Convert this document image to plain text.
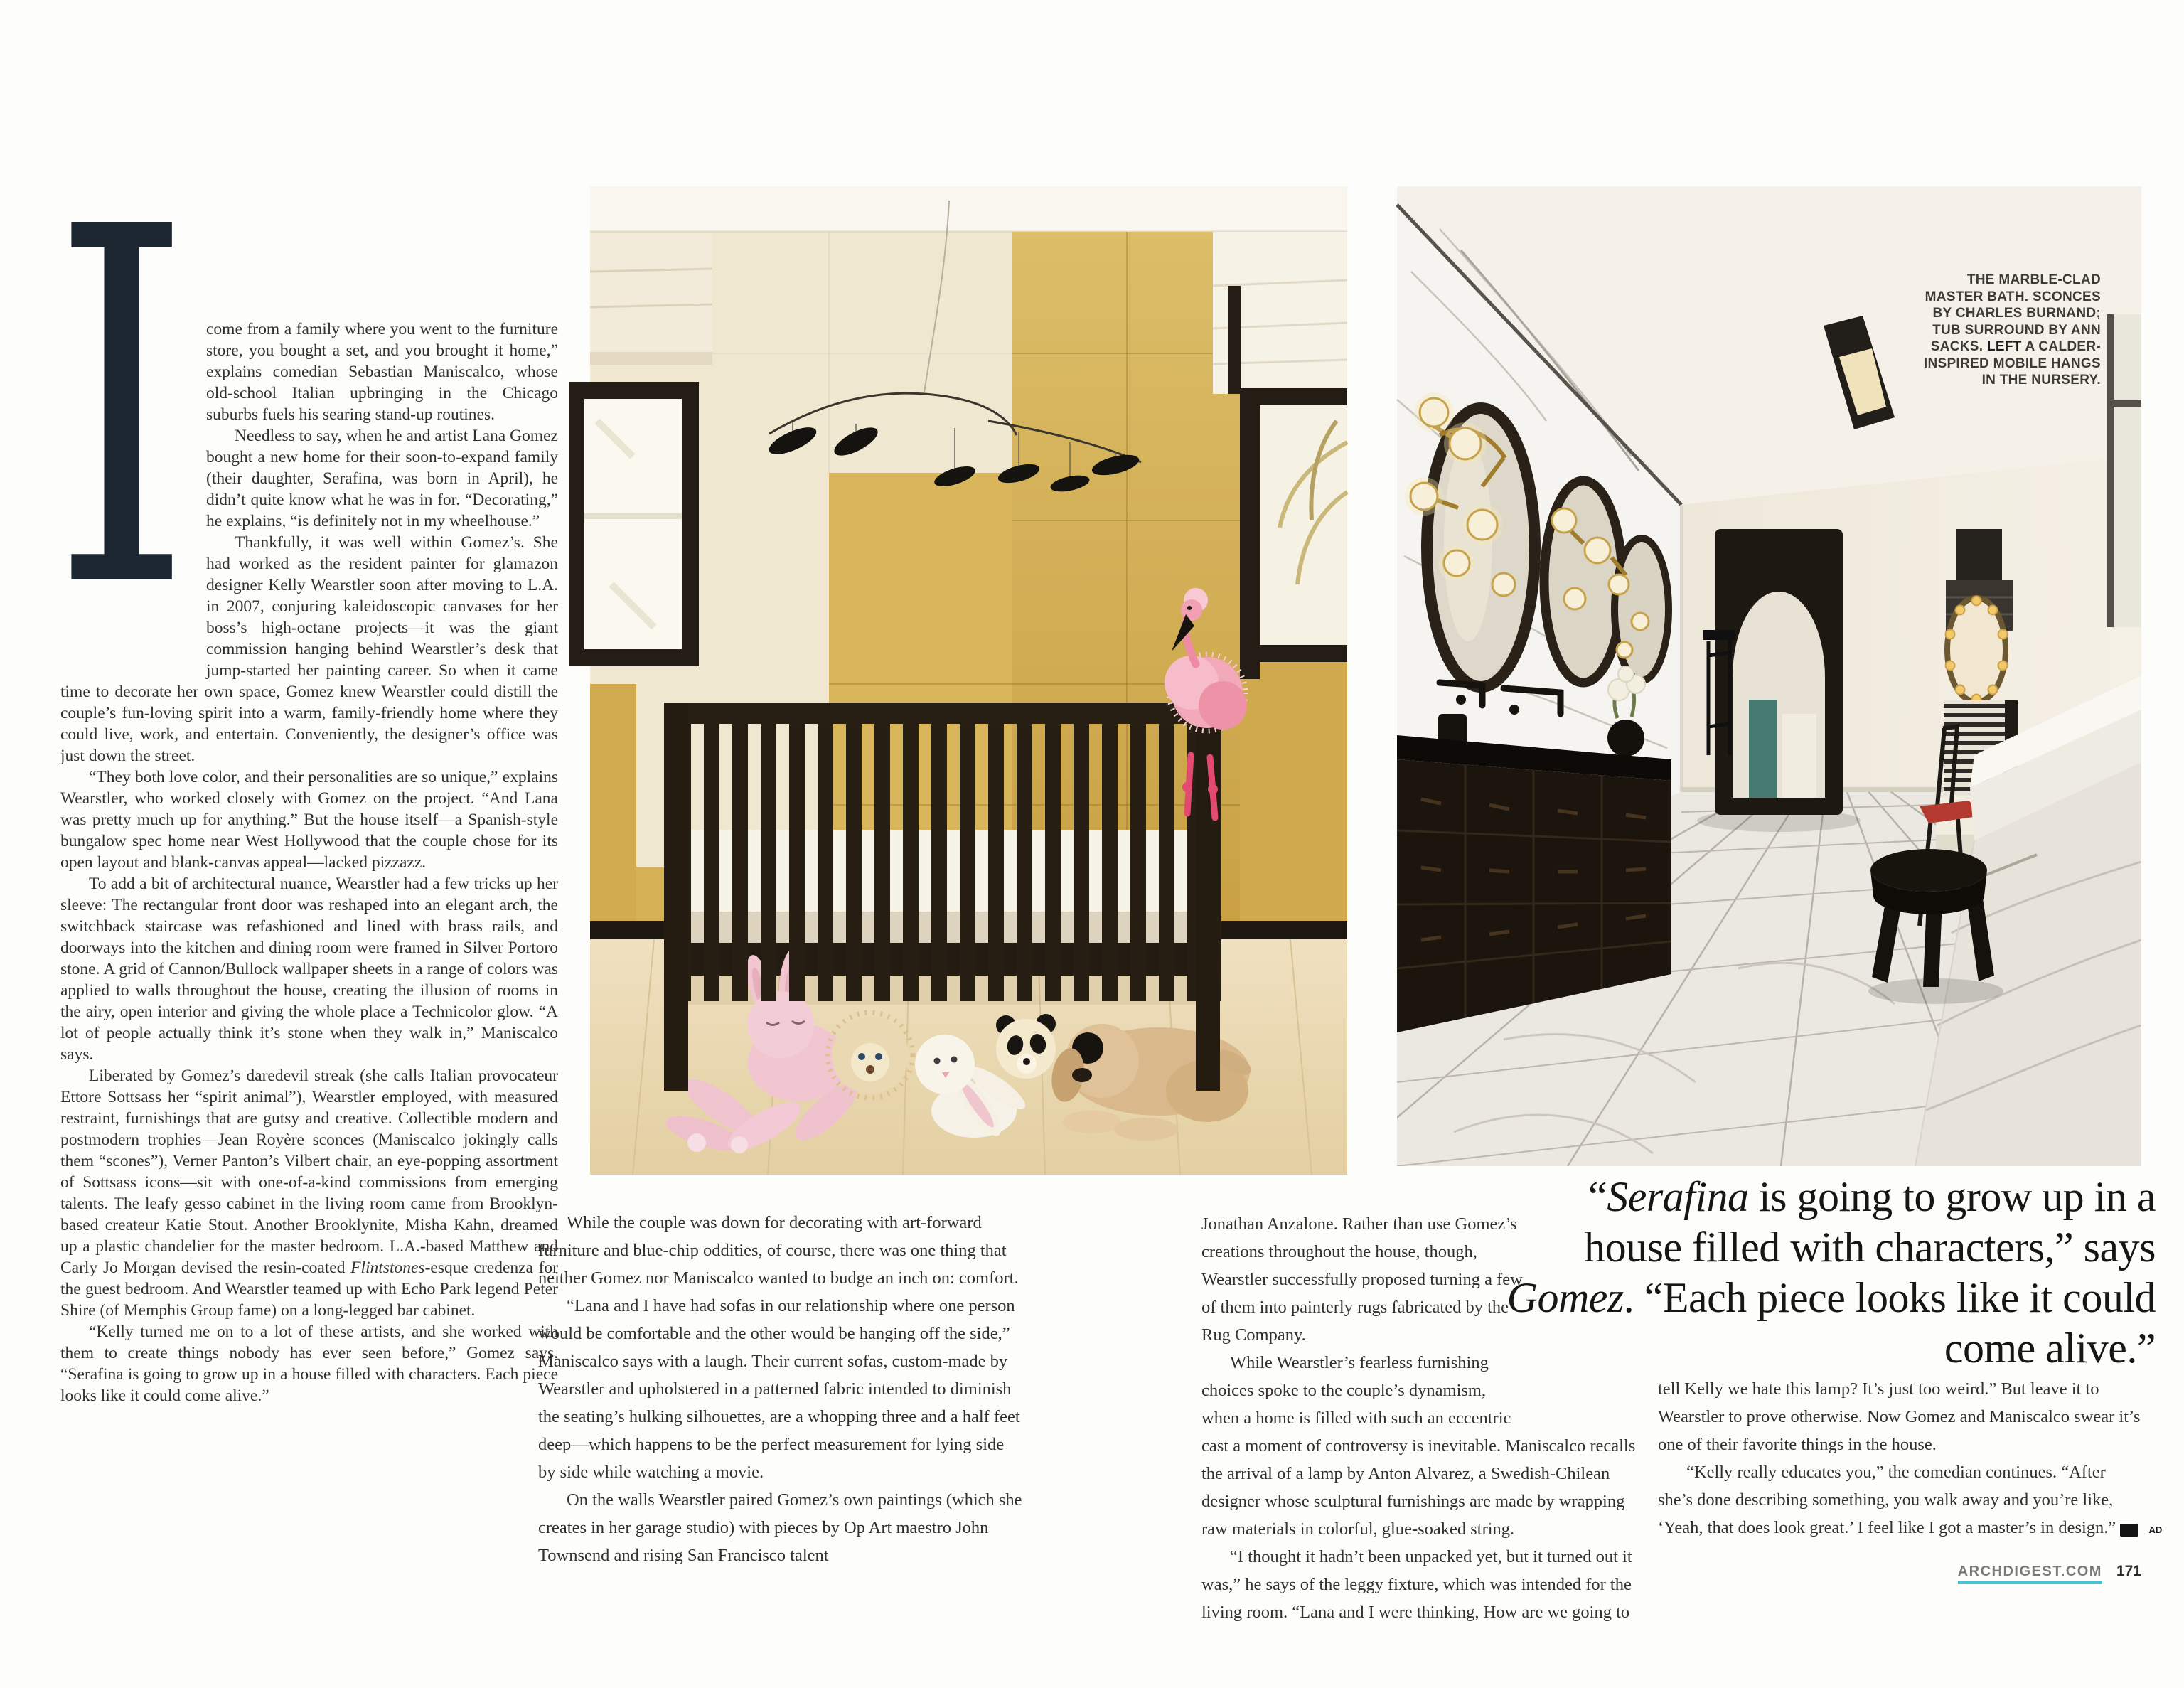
THE MARBLE-CLAD MASTER BATH. SCONCES BY CHARLES BURNAND; TUB SURROUND BY ANN SACKS. LEFT A CALDER-INSPIRED MOBILE HANGS IN THE NURSERY.
I come from a family where you went to the furniture store, you bought a set, and you brought it home,” explains comedian Sebastian Maniscalco, whose old-school Italian upbringing in the Chicago suburbs fuels his searing stand-up routines.

Needless to say, when he and artist Lana Gomez bought a new home for their soon-to-expand family (their daughter, Serafina, was born in April), he didn’t quite know what he was in for. “Decorating,” he explains, “is definitely not in my wheelhouse.”

Thankfully, it was well within Gomez’s. She had worked as the resident painter for glamazon designer Kelly Wearstler soon after moving to L.A. in 2007, conjuring kaleidoscopic canvases for her boss’s high-octane projects—it was the giant commission hanging behind Wearstler’s desk that jump-started her painting career. So when it came time to decorate her own space, Gomez knew Wearstler could distill the couple’s fun-loving spirit into a warm, family-friendly home where they could live, work, and entertain. Conveniently, the designer’s office was just down the street.

“They both love color, and their personalities are so unique,” explains Wearstler, who worked closely with Gomez on the project. “And Lana was pretty much up for anything.” But the house itself—a Spanish-style bungalow spec home near West Hollywood that the couple chose for its open layout and blank-canvas appeal—lacked pizzazz.

To add a bit of architectural nuance, Wearstler had a few tricks up her sleeve: The rectangular front door was reshaped into an elegant arch, the switchback staircase was refashioned and lined with brass rails, and doorways into the kitchen and dining room were framed in Silver Portoro stone. A grid of Cannon/Bullock wallpaper sheets in a range of colors was applied to walls throughout the house, creating the illusion of rooms in the airy, open interior and giving the whole place a Technicolor glow. “A lot of people actually think it’s stone when they walk in,” Maniscalco says.

Liberated by Gomez’s daredevil streak (she calls Italian provocateur Ettore Sottsass her “spirit animal”), Wearstler employed, with measured restraint, furnishings that are gutsy and creative. Collectible modern and postmodern trophies—Jean Royère sconces (Maniscalco jokingly calls them “scones”), Verner Panton’s Vilbert chair, an eye-popping assortment of Sottsass icons—sit with one-of-a-kind commissions from emerging talents. The leafy gesso cabinet in the living room came from Brooklyn-based createur Katie Stout. Another Brooklynite, Misha Kahn, dreamed up a plastic chandelier for the master bedroom. L.A.-based Matthew and Carly Jo Morgan devised the resin-coated Flintstones-esque credenza for the guest bedroom. And Wearstler teamed up with Echo Park legend Peter Shire (of Memphis Group fame) on a long-legged bar cabinet.

“Kelly turned me on to a lot of these artists, and she worked with them to create things nobody has ever seen before,” Gomez says. “Serafina is going to grow up in a house filled with characters. Each piece looks like it could come alive.”

While the couple was down for decorating with art-forward furniture and blue-chip oddities, of course, there was one thing that neither Gomez nor Maniscalco wanted to budge an inch on: comfort.

“Lana and I have had sofas in our relationship where one person would be comfortable and the other would be hanging off the side,” Maniscalco says with a laugh. Their current sofas, custom-made by Wearstler and upholstered in a patterned fabric intended to diminish the seating’s hulking silhouettes, are a whopping three and a half feet deep—which happens to be the perfect measurement for lying side by side while watching a movie.

On the walls Wearstler paired Gomez’s own paintings (which she creates in her garage studio) with pieces by Op Art maestro John Townsend and rising San Francisco talent

Jonathan Anzalone. Rather than use Gomez’s creations throughout the house, though, Wearstler successfully proposed turning a few of them into painterly rugs fabricated by the Rug Company.

While Wearstler’s fearless furnishing choices spoke to the couple’s dynamism, when a home is filled with such an eccentric cast a moment of controversy is inevitable. Maniscalco recalls the arrival of a lamp by Anton Alvarez, a Swedish-Chilean designer whose sculptural furnishings are made by wrapping raw materials in colorful, glue-soaked string.

“I thought it hadn’t been unpacked yet, but it turned out it was,” he says of the leggy fixture, which was intended for the living room. “Lana and I were thinking, How are we going to

tell Kelly we hate this lamp? It’s just too weird.” But leave it to Wearstler to prove otherwise. Now Gomez and Maniscalco swear it’s one of their favorite things in the house.

“Kelly really educates you,” the comedian continues. “After she’s done describing something, you walk away and you’re like, ‘Yeah, that does look great.’ I feel like I got a master’s in design.”	AD

“Serafina is going to grow up in a house filled with characters,” says Gomez. “Each piece looks like it could come alive.”
ARCHDIGEST.COM 171
